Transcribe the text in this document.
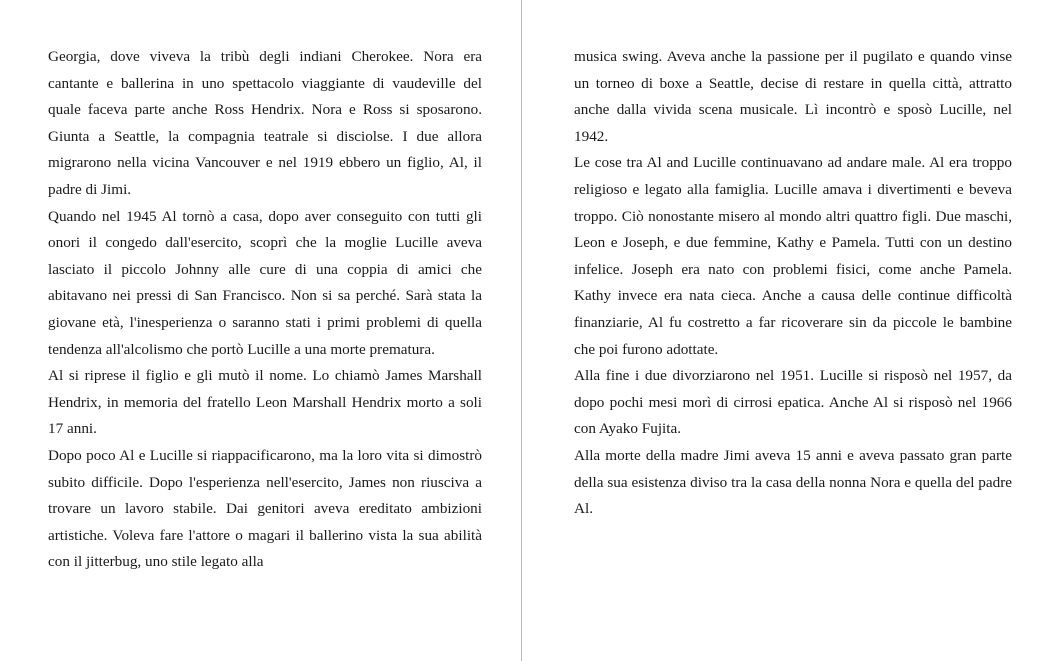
Georgia, dove viveva la tribù degli indiani Cherokee. Nora era cantante e ballerina in uno spettacolo viaggiante di vaudeville del quale faceva parte anche Ross Hendrix. Nora e Ross si sposarono. Giunta a Seattle, la compagnia teatrale si disciolse. I due allora migrarono nella vicina Vancouver e nel 1919 ebbero un figlio, Al, il padre di Jimi.

Quando nel 1945 Al tornò a casa, dopo aver conseguito con tutti gli onori il congedo dall'esercito, scoprì che la moglie Lucille aveva lasciato il piccolo Johnny alle cure di una coppia di amici che abitavano nei pressi di San Francisco. Non si sa perché. Sarà stata la giovane età, l'inesperienza o saranno stati i primi problemi di quella tendenza all'alcolismo che portò Lucille a una morte prematura.

Al si riprese il figlio e gli mutò il nome. Lo chiamò James Marshall Hendrix, in memoria del fratello Leon Marshall Hendrix morto a soli 17 anni.

Dopo poco Al e Lucille si riappacificarono, ma la loro vita si dimostrò subito difficile. Dopo l'esperienza nell'esercito, James non riusciva a trovare un lavoro stabile. Dai genitori aveva ereditato ambizioni artistiche. Voleva fare l'attore o magari il ballerino vista la sua abilità con il jitterbug, uno stile legato alla

musica swing. Aveva anche la passione per il pugilato e quando vinse un torneo di boxe a Seattle, decise di restare in quella città, attratto anche dalla vivida scena musicale. Lì incontrò e sposò Lucille, nel 1942.

Le cose tra Al and Lucille continuavano ad andare male. Al era troppo religioso e legato alla famiglia. Lucille amava i divertimenti e beveva troppo. Ciò nonostante misero al mondo altri quattro figli. Due maschi, Leon e Joseph, e due femmine, Kathy e Pamela. Tutti con un destino infelice. Joseph era nato con problemi fisici, come anche Pamela. Kathy invece era nata cieca. Anche a causa delle continue difficoltà finanziarie, Al fu costretto a far ricoverare sin da piccole le bambine che poi furono adottate.

Alla fine i due divorziarono nel 1951. Lucille si risposò nel 1957, da dopo pochi mesi morì di cirrosi epatica. Anche Al si risposò nel 1966 con Ayako Fujita.

Alla morte della madre Jimi aveva 15 anni e aveva passato gran parte della sua esistenza diviso tra la casa della nonna Nora e quella del padre Al.
